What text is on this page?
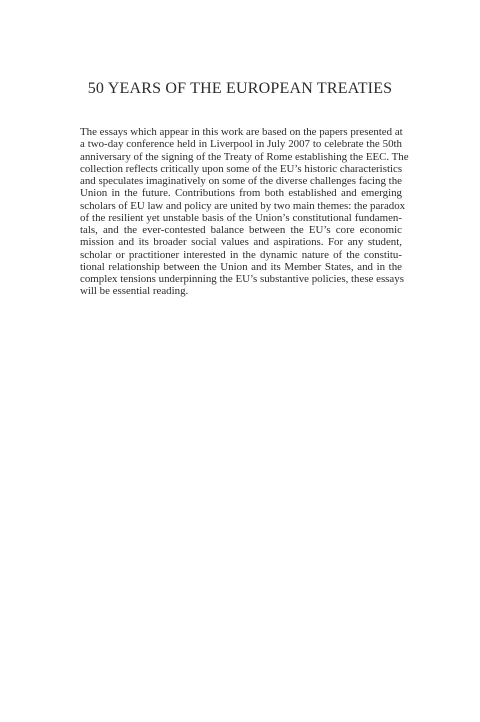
50 YEARS OF THE EUROPEAN TREATIES
The essays which appear in this work are based on the papers presented at
a two-day conference held in Liverpool in July 2007 to celebrate the 50th
anniversary of the signing of the Treaty of Rome establishing the EEC. The
collection reflects critically upon some of the EU’s historic characteristics
and speculates imaginatively on some of the diverse challenges facing the
Union in the future. Contributions from both established and emerging
scholars of EU law and policy are united by two main themes: the paradox
of the resilient yet unstable basis of the Union’s constitutional fundamen-
tals, and the ever-contested balance between the EU’s core economic
mission and its broader social values and aspirations. For any student,
scholar or practitioner interested in the dynamic nature of the constitu-
tional relationship between the Union and its Member States, and in the
complex tensions underpinning the EU’s substantive policies, these essays
will be essential reading.
